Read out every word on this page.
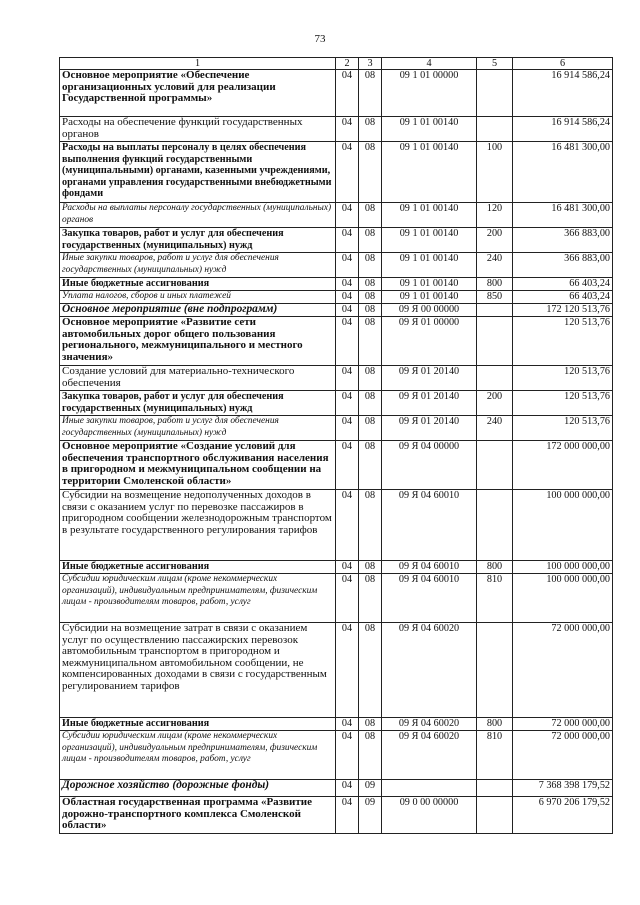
73
1	2	3	4	5	6
Основное мероприятие «Обеспечение организационных условий для реализации Государственной программы»	04	08	09 1 01 00000		16 914 586,24
Расходы на обеспечение функций государственных органов	04	08	09 1 01 00140		16 914 586,24
Расходы на выплаты персоналу в целях обеспечения выполнения функций государственными (муниципальными) органами, казенными учреждениями, органами управления государственными внебюджетными фондами	04	08	09 1 01 00140	100	16 481 300,00
Расходы на выплаты персоналу государственных (муниципальных) органов	04	08	09 1 01 00140	120	16 481 300,00
Закупка товаров, работ и услуг для обеспечения государственных (муниципальных) нужд	04	08	09 1 01 00140	200	366 883,00
Иные закупки товаров, работ и услуг для обеспечения государственных (муниципальных) нужд	04	08	09 1 01 00140	240	366 883,00
Иные бюджетные ассигнования	04	08	09 1 01 00140	800	66 403,24
Уплата налогов, сборов и иных платежей	04	08	09 1 01 00140	850	66 403,24
Основное мероприятие (вне подпрограмм)	04	08	09 Я 00 00000		172 120 513,76
Основное мероприятие «Развитие сети автомобильных дорог общего пользования регионального, межмуниципального и местного значения»	04	08	09 Я 01 00000		120 513,76
Создание условий для материально-технического обеспечения	04	08	09 Я 01 20140		120 513,76
Закупка товаров, работ и услуг для обеспечения государственных (муниципальных) нужд	04	08	09 Я 01 20140	200	120 513,76
Иные закупки товаров, работ и услуг для обеспечения государственных (муниципальных) нужд	04	08	09 Я 01 20140	240	120 513,76
Основное мероприятие «Создание условий для обеспечения транспортного обслуживания населения в пригородном и межмуниципальном сообщении на территории Смоленской области»	04	08	09 Я 04 00000		172 000 000,00
Субсидии на возмещение недополученных доходов в связи с оказанием услуг по перевозке пассажиров в пригородном сообщении железнодорожным транспортом в результате государственного регулирования тарифов	04	08	09 Я 04 60010		100 000 000,00
Иные бюджетные ассигнования	04	08	09 Я 04 60010	800	100 000 000,00
Субсидии юридическим лицам (кроме некоммерческих организаций), индивидуальным предпринимателям, физическим лицам - производителям товаров, работ, услуг	04	08	09 Я 04 60010	810	100 000 000,00
Субсидии на возмещение затрат в связи с оказанием услуг по осуществлению пассажирских перевозок автомобильным транспортом в пригородном и межмуниципальном автомобильном сообщении, не компенсированных доходами в связи с государственным регулированием тарифов	04	08	09 Я 04 60020		72 000 000,00
Иные бюджетные ассигнования	04	08	09 Я 04 60020	800	72 000 000,00
Субсидии юридическим лицам (кроме некоммерческих организаций), индивидуальным предпринимателям, физическим лицам - производителям товаров, работ, услуг	04	08	09 Я 04 60020	810	72 000 000,00
Дорожное хозяйство (дорожные фонды)	04	09			7 368 398 179,52
Областная государственная программа «Развитие дорожно-транспортного комплекса Смоленской области»	04	09	09 0 00 00000		6 970 206 179,52
